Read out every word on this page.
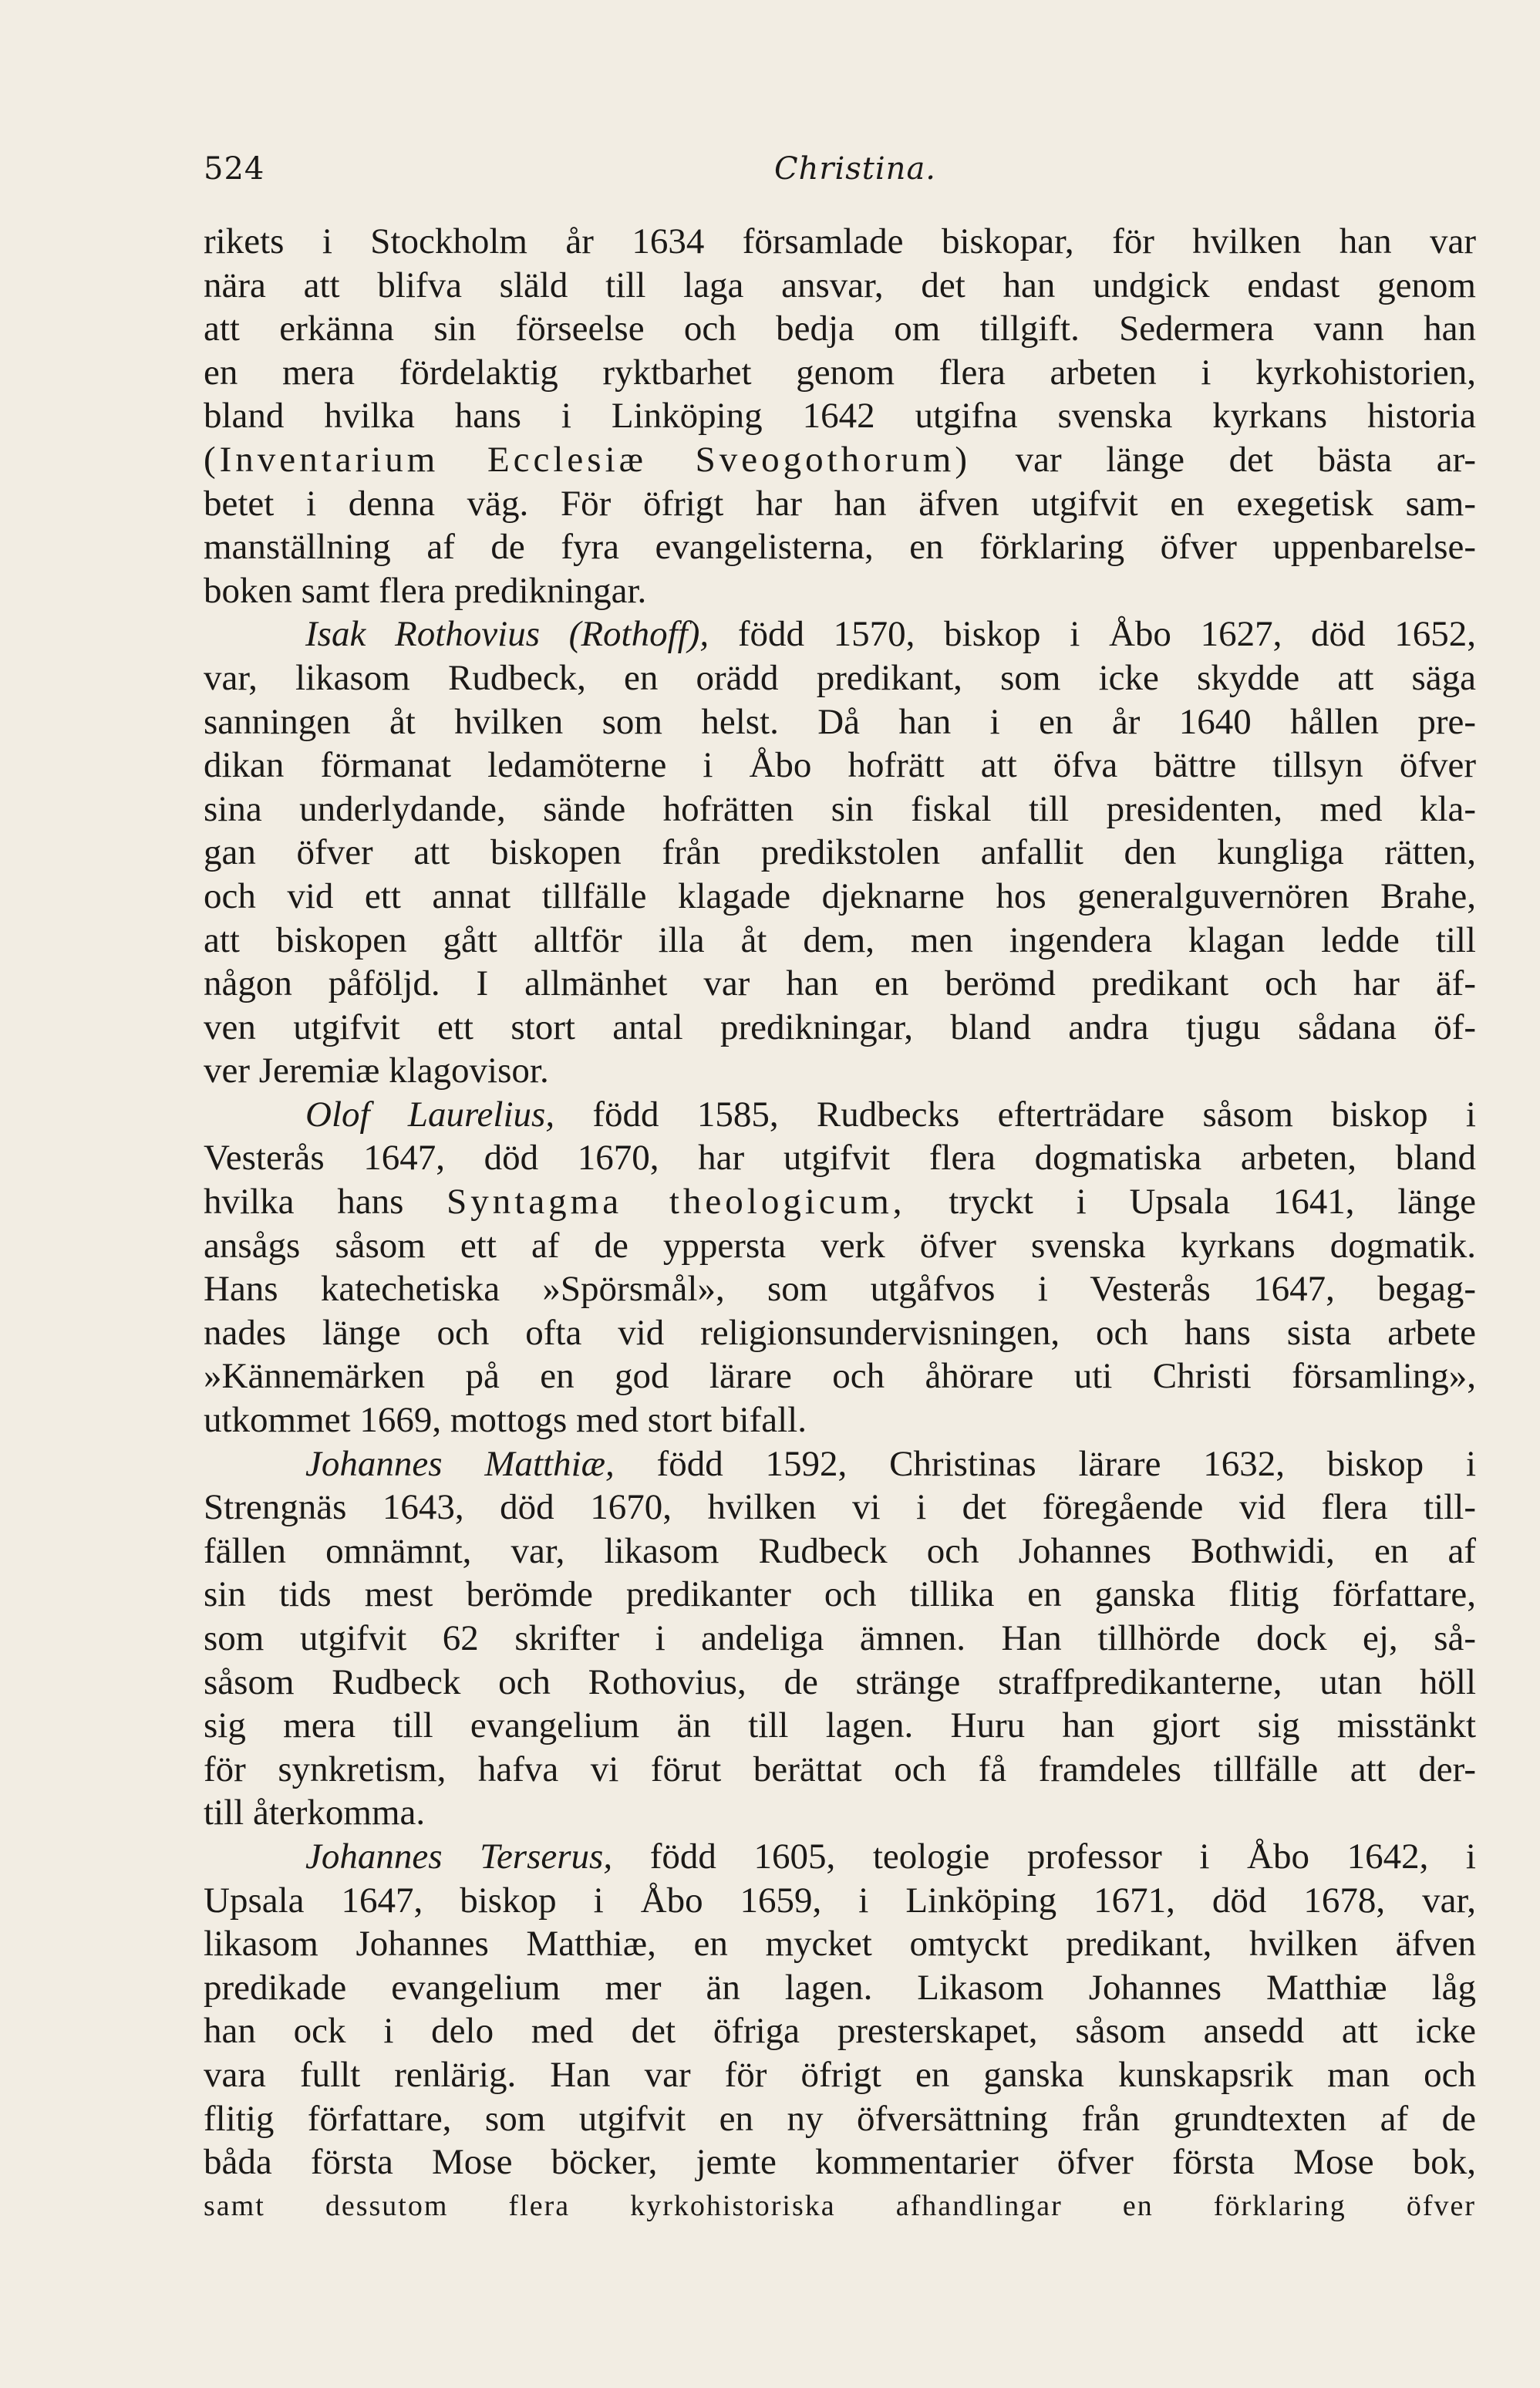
524	Christina.
rikets i Stockholm år 1634 församlade biskopar, för hvilken han var
nära att blifva släld till laga ansvar, det han undgick endast genom
att erkänna sin förseelse och bedja om tillgift. Sedermera vann han
en mera fördelaktig ryktbarhet genom flera arbeten i kyrkohistorien,
bland hvilka hans i Linköping 1642 utgifna svenska kyrkans historia
(Inventarium Ecclesiæ Sveogothorum) var länge det bästa ar-
betet i denna väg. För öfrigt har han äfven utgifvit en exegetisk sam-
manställning af de fyra evangelisterna, en förklaring öfver uppenbarelse-
boken samt flera predikningar.
Isak Rothovius (Rothoff), född 1570, biskop i Åbo 1627, död 1652,
var, likasom Rudbeck, en orädd predikant, som icke skydde att säga
sanningen åt hvilken som helst. Då han i en år 1640 hållen pre-
dikan förmanat ledamöterne i Åbo hofrätt att öfva bättre tillsyn öfver
sina underlydande, sände hofrätten sin fiskal till presidenten, med kla-
gan öfver att biskopen från predikstolen anfallit den kungliga rätten,
och vid ett annat tillfälle klagade djeknarne hos generalguvernören Brahe,
att biskopen gått alltför illa åt dem, men ingendera klagan ledde till
någon påföljd. I allmänhet var han en berömd predikant och har äf-
ven utgifvit ett stort antal predikningar, bland andra tjugu sådana öf-
ver Jeremiæ klagovisor.
Olof Laurelius, född 1585, Rudbecks efterträdare såsom biskop i
Vesterås 1647, död 1670, har utgifvit flera dogmatiska arbeten, bland
hvilka hans Syntagma theologicum, tryckt i Upsala 1641, länge
ansågs såsom ett af de yppersta verk öfver svenska kyrkans dogmatik.
Hans katechetiska »Spörsmål», som utgåfvos i Vesterås 1647, begag-
nades länge och ofta vid religionsundervisningen, och hans sista arbete
»Kännemärken på en god lärare och åhörare uti Christi församling»,
utkommet 1669, mottogs med stort bifall.
Johannes Matthiæ, född 1592, Christinas lärare 1632, biskop i
Strengnäs 1643, död 1670, hvilken vi i det föregående vid flera till-
fällen omnämnt, var, likasom Rudbeck och Johannes Bothwidi, en af
sin tids mest berömde predikanter och tillika en ganska flitig författare,
som utgifvit 62 skrifter i andeliga ämnen. Han tillhörde dock ej, så-
såsom Rudbeck och Rothovius, de stränge straffpredikanterne, utan höll
sig mera till evangelium än till lagen. Huru han gjort sig misstänkt
för synkretism, hafva vi förut berättat och få framdeles tillfälle att der-
till återkomma.
Johannes Terserus, född 1605, teologie professor i Åbo 1642, i
Upsala 1647, biskop i Åbo 1659, i Linköping 1671, död 1678, var,
likasom Johannes Matthiæ, en mycket omtyckt predikant, hvilken äfven
predikade evangelium mer än lagen. Likasom Johannes Matthiæ låg
han ock i delo med det öfriga presterskapet, såsom ansedd att icke
vara fullt renlärig. Han var för öfrigt en ganska kunskapsrik man och
flitig författare, som utgifvit en ny öfversättning från grundtexten af de
båda första Mose böcker, jemte kommentarier öfver första Mose bok,
samt dessutom flera kyrkohistoriska afhandlingar en förklaring öfver
